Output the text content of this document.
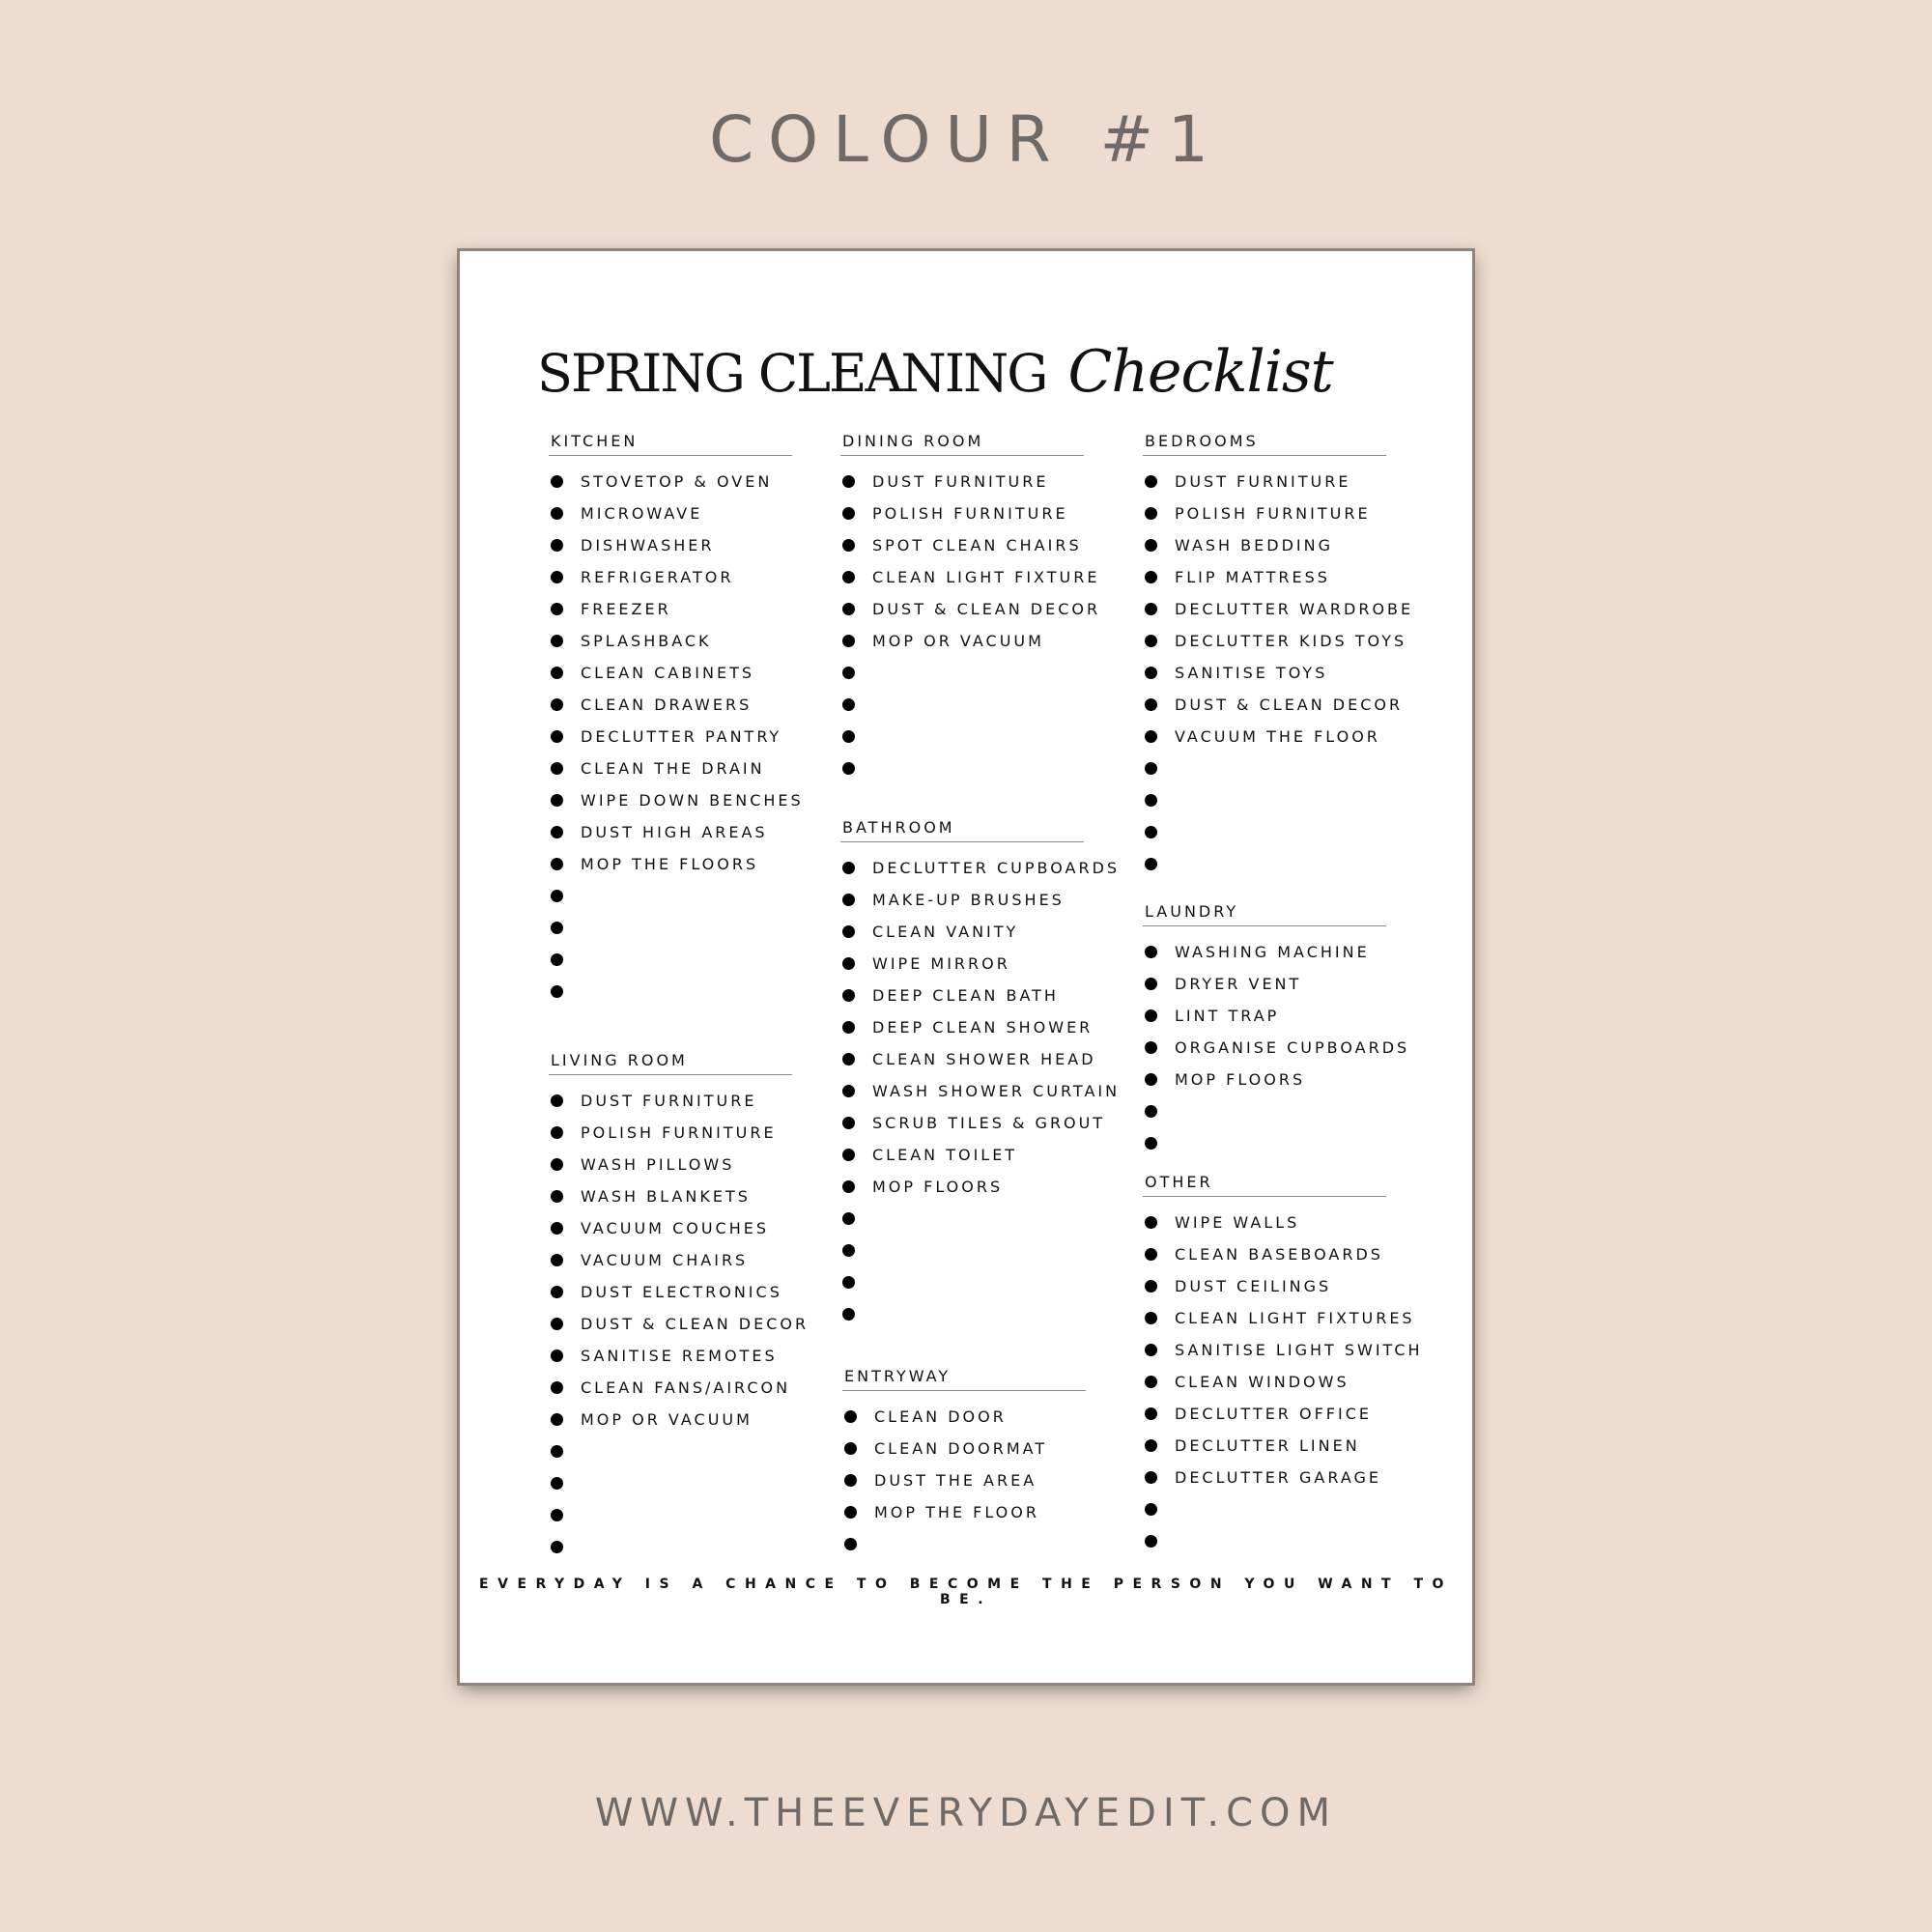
COLOUR #1
SPRING CLEANING Checklist
KITCHEN
STOVETOP & OVEN
MICROWAVE
DISHWASHER
REFRIGERATOR
FREEZER
SPLASHBACK
CLEAN CABINETS
CLEAN DRAWERS
DECLUTTER PANTRY
CLEAN THE DRAIN
WIPE DOWN BENCHES
DUST HIGH AREAS
MOP THE FLOORS
LIVING ROOM
DUST FURNITURE
POLISH FURNITURE
WASH PILLOWS
WASH BLANKETS
VACUUM COUCHES
VACUUM CHAIRS
DUST ELECTRONICS
DUST & CLEAN DECOR
SANITISE REMOTES
CLEAN FANS/AIRCON
MOP OR VACUUM
DINING ROOM
DUST FURNITURE
POLISH FURNITURE
SPOT CLEAN CHAIRS
CLEAN LIGHT FIXTURE
DUST & CLEAN DECOR
MOP OR VACUUM
BATHROOM
DECLUTTER CUPBOARDS
MAKE-UP BRUSHES
CLEAN VANITY
WIPE MIRROR
DEEP CLEAN BATH
DEEP CLEAN SHOWER
CLEAN SHOWER HEAD
WASH SHOWER CURTAIN
SCRUB TILES & GROUT
CLEAN TOILET
MOP FLOORS
ENTRYWAY
CLEAN DOOR
CLEAN DOORMAT
DUST THE AREA
MOP THE FLOOR
BEDROOMS
DUST FURNITURE
POLISH FURNITURE
WASH BEDDING
FLIP MATTRESS
DECLUTTER WARDROBE
DECLUTTER KIDS TOYS
SANITISE TOYS
DUST & CLEAN DECOR
VACUUM THE FLOOR
LAUNDRY
WASHING MACHINE
DRYER VENT
LINT TRAP
ORGANISE CUPBOARDS
MOP FLOORS
OTHER
WIPE WALLS
CLEAN BASEBOARDS
DUST CEILINGS
CLEAN LIGHT FIXTURES
SANITISE LIGHT SWITCH
CLEAN WINDOWS
DECLUTTER OFFICE
DECLUTTER LINEN
DECLUTTER GARAGE
EVERYDAY IS A CHANCE TO BECOME THE PERSON YOU WANT TO BE.
WWW.THEEVERYDAYEDIT.COM
